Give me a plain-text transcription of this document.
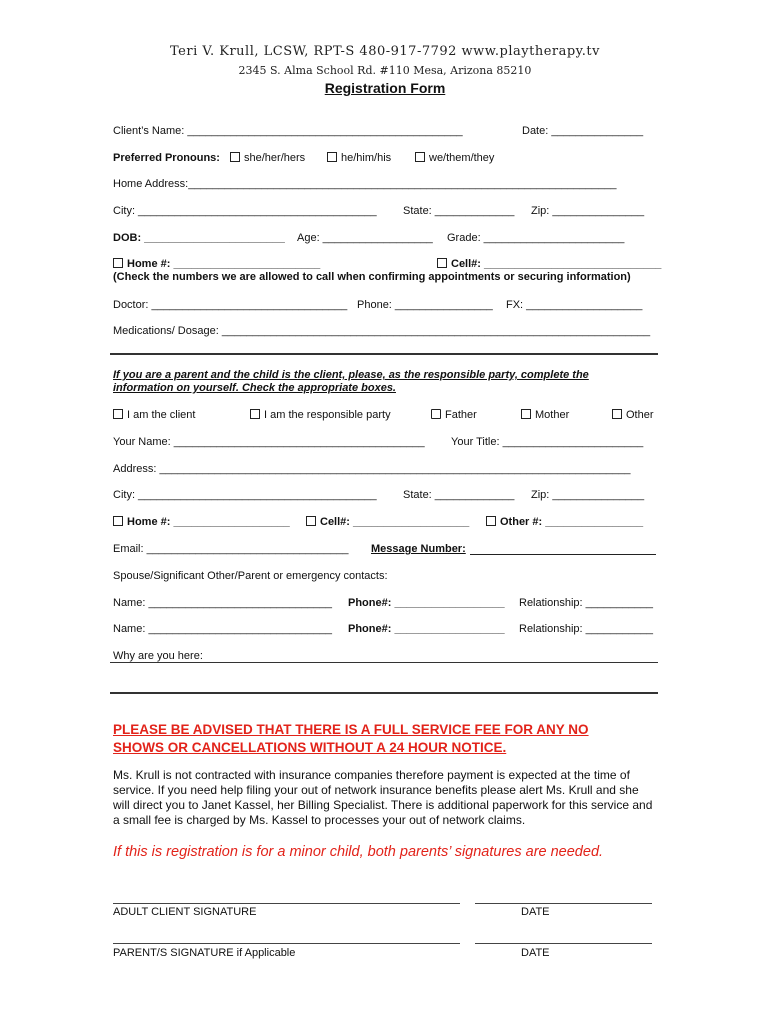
Teri V. Krull, LCSW, RPT-S 480-917-7792 www.playtherapy.tv
2345 S. Alma School Rd. #110 Mesa, Arizona 85210
Registration Form
Client’s Name: _____________________________________________	Date: _______________
Preferred Pronouns:	she/her/hers	he/him/his	we/them/they
Home Address:______________________________________________________________________
City: _______________________________________ State: _____________ Zip: _______________
DOB: _______________________ Age: __________________ Grade: _______________________
Home #: ________________________	Cell#: _____________________________
(Check the numbers we are allowed to call when confirming appointments or securing information)
Doctor: ________________________________ Phone: ________________ FX: ___________________
Medications/ Dosage: ______________________________________________________________________
If you are a parent and the child is the client, please, as the responsible party, complete the
information on yourself. Check the appropriate boxes.
I am the client	I am the responsible party	Father	Mother	Other
Your Name: _________________________________________ Your Title: _______________________
Address: _____________________________________________________________________________
City: _______________________________________ State: _____________ Zip: _______________
Home #: ___________________	Cell#: ___________________	Other #: ________________
Email: _________________________________ Message Number:
Spouse/Significant Other/Parent or emergency contacts:
Name: ______________________________ Phone#: __________________ Relationship: ___________
Name: ______________________________ Phone#: __________________ Relationship: ___________
Why are you here:
PLEASE BE ADVISED THAT THERE IS A FULL SERVICE FEE FOR ANY NO
SHOWS OR CANCELLATIONS WITHOUT A 24 HOUR NOTICE.
Ms. Krull is not contracted with insurance companies therefore payment is expected at the time of service. If you need help filing your out of network insurance benefits please alert Ms. Krull and she will direct you to Janet Kassel, her Billing Specialist. There is additional paperwork for this service and a small fee is charged by Ms. Kassel to processes your out of network claims.
If this is registration is for a minor child, both parents’ signatures are needed.
ADULT CLIENT SIGNATURE	DATE
PARENT/S SIGNATURE if Applicable	DATE
